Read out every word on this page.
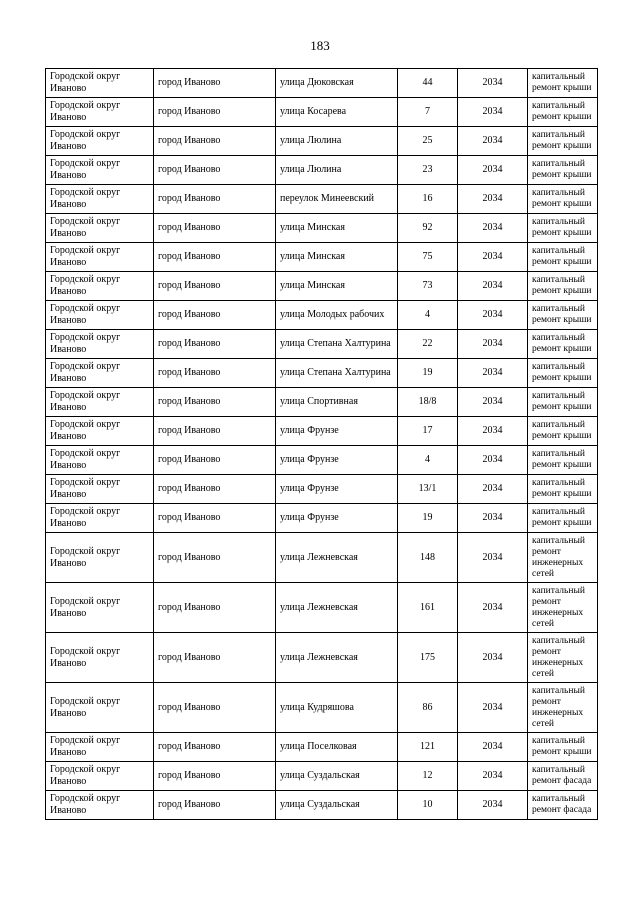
183
Городской округ Иваново	город Иваново	улица Дюковская	44	2034	капитальный ремонт крыши
Городской округ Иваново	город Иваново	улица Косарева	7	2034	капитальный ремонт крыши
Городской округ Иваново	город Иваново	улица Люлина	25	2034	капитальный ремонт крыши
Городской округ Иваново	город Иваново	улица Люлина	23	2034	капитальный ремонт крыши
Городской округ Иваново	город Иваново	переулок Минеевский	16	2034	капитальный ремонт крыши
Городской округ Иваново	город Иваново	улица Минская	92	2034	капитальный ремонт крыши
Городской округ Иваново	город Иваново	улица Минская	75	2034	капитальный ремонт крыши
Городской округ Иваново	город Иваново	улица Минская	73	2034	капитальный ремонт крыши
Городской округ Иваново	город Иваново	улица Молодых рабочих	4	2034	капитальный ремонт крыши
Городской округ Иваново	город Иваново	улица Степана Халтурина	22	2034	капитальный ремонт крыши
Городской округ Иваново	город Иваново	улица Степана Халтурина	19	2034	капитальный ремонт крыши
Городской округ Иваново	город Иваново	улица Спортивная	18/8	2034	капитальный ремонт крыши
Городской округ Иваново	город Иваново	улица Фрунзе	17	2034	капитальный ремонт крыши
Городской округ Иваново	город Иваново	улица Фрунзе	4	2034	капитальный ремонт крыши
Городской округ Иваново	город Иваново	улица Фрунзе	13/1	2034	капитальный ремонт крыши
Городской округ Иваново	город Иваново	улица Фрунзе	19	2034	капитальный ремонт крыши
Городской округ Иваново	город Иваново	улица Лежневская	148	2034	капитальный ремонт инженерных сетей
Городской округ Иваново	город Иваново	улица Лежневская	161	2034	капитальный ремонт инженерных сетей
Городской округ Иваново	город Иваново	улица Лежневская	175	2034	капитальный ремонт инженерных сетей
Городской округ Иваново	город Иваново	улица Кудряшова	86	2034	капитальный ремонт инженерных сетей
Городской округ Иваново	город Иваново	улица Поселковая	121	2034	капитальный ремонт крыши
Городской округ Иваново	город Иваново	улица Суздальская	12	2034	капитальный ремонт фасада
Городской округ Иваново	город Иваново	улица Суздальская	10	2034	капитальный ремонт фасада
